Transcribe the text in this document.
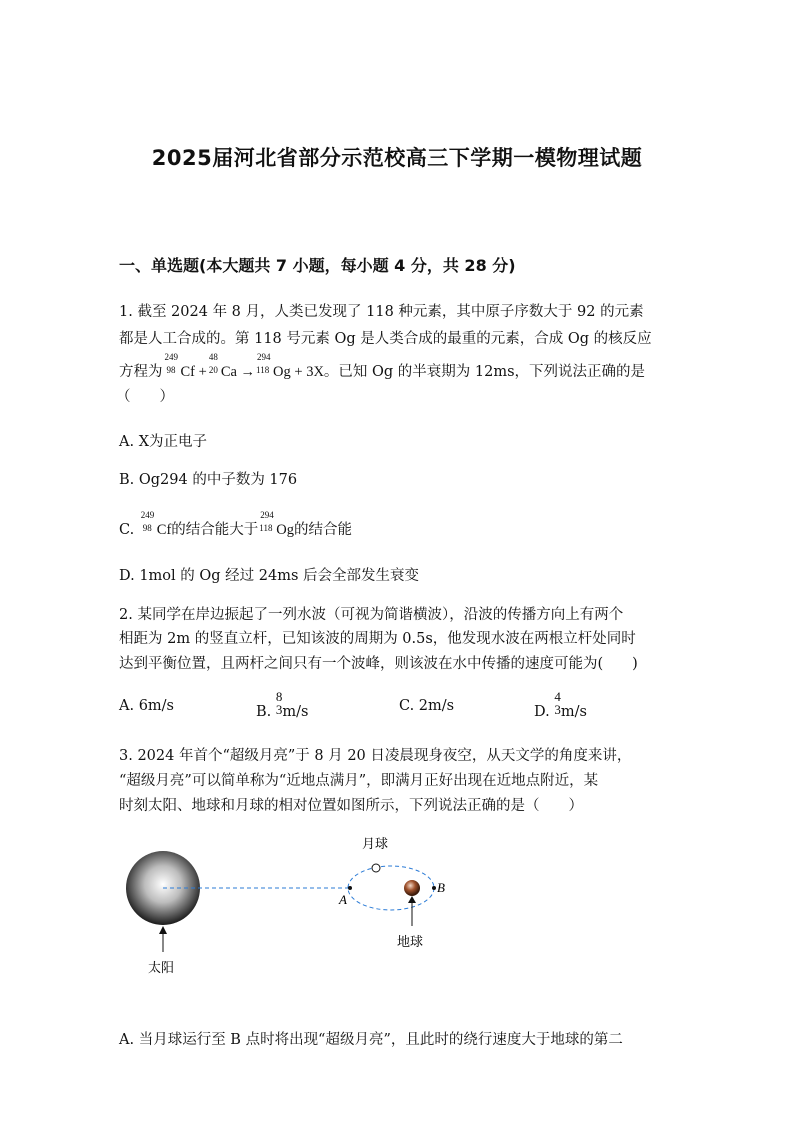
2025届河北省部分示范校高三下学期一模物理试题
一、单选题(本大题共 7 小题，每小题 4 分，共 28 分)
1. 截至 2024 年 8 月，人类已发现了 118 种元素，其中原子序数大于 92 的元素
都是人工合成的。第 118 号元素 Og 是人类合成的最重的元素，合成 Og 的核反应
方程为
249
98 Cf +
48
20 Ca →
294
118 Og + 3X。已知 Og 的半衰期为 12ms，下列说法正确的是
（　　）
A. X为正电子
B. Og294 的中子数为 176
C.
249
98 Cf的结合能大于
294
118 Og的结合能
D. 1mol 的 Og 经过 24ms 后会全部发生衰变
2. 某同学在岸边振起了一列水波（可视为简谐横波），沿波的传播方向上有两个
相距为 2m 的竖直立杆，已知该波的周期为 0.5s，他发现水波在两根立杆处同时
达到平衡位置，且两杆之间只有一个波峰，则该波在水中传播的速度可能为(　　)
A. 6m/s	B.
8
3 m/s	C. 2m/s	D.
4
3 m/s
3. 2024 年首个“超级月亮”于 8 月 20 日凌晨现身夜空，从天文学的角度来讲，
“超级月亮”可以简单称为“近地点满月”，即满月正好出现在近地点附近，某
时刻太阳、地球和月球的相对位置如图所示，下列说法正确的是（　　）
月球
地球
太阳
A
B
A. 当月球运行至 B 点时将出现“超级月亮”，且此时的绕行速度大于地球的第二
